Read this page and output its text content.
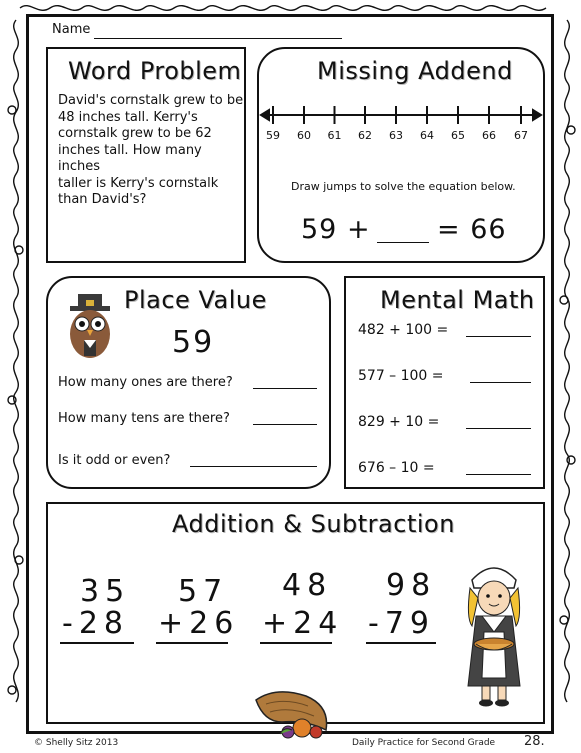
Name
Word Problem
David's cornstalk grew to be
48 inches tall. Kerry's
cornstalk grew to be 62
inches tall. How many inches
taller is Kerry's cornstalk
than David's?
Missing Addend
59	60	61	62	63	64	65	66	67
Draw jumps to solve the equation below.
59 + = 66
Place Value
59
How many ones are there?
How many tens are there?
Is it odd or even?
Mental Math
482 + 100 =
577 – 100 =
829 + 10 =
676 – 10 =
Addition & Subtraction
35
-28
57
+26
48
+24
98
-79
© Shelly Sitz 2013	Daily Practice for Second Grade 28.
